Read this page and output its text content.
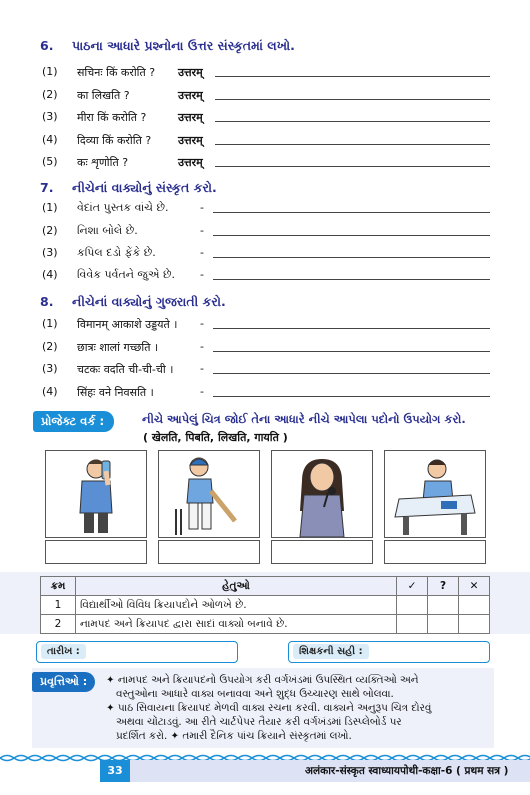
6. પાઠના આધારે પ્રશ્નોના ઉત્તર સંસ્કૃતમાં લખો.
(1) सचिनः किं करोति ? उत्तरम्
(2) का लिखति ?	उत्तरम्
(3) मीरा किं करोति ?	उत्तरम्
(4) दिव्या किं करोति ? उत्तरम्
(5) कः शृणोति ?	उत्तरम्
7. નીચેનાં વાક્યોનું સંસ્કૃત કરો.
(1) વેદાંત પુસ્તક વાંચે છે.	-
(2) નિશા બોલે છે.	-
(3) કપિલ દડો ફેંકે છે.	-
(4) વિવેક પર્વતને જુએ છે. -
8. નીચેનાં વાક્યોનું ગુજરાતી કરો.
(1) विमानम् आकाशे उड्डयते । -
(2) छात्रः शालां गच्छति ।	-
(3) चटकः वदति ची-ची-ची । -
(4) सिंहः वने निवसति ।	-
પ્રોજેક્ટ વર્ક :	નીચે આપેલું ચિત્ર જોઈ તેના આધારે નીચે આપેલા પદોનો ઉપયોગ કરો.
( खेलति, पिबति, लिखति, गायति )
ક્રમ	હેતુઓ	✓	?	✕
1	વિદ્યાર્થીઓ વિવિધ ક્રિયાપદોને ઓળખે છે.			
2	નામપદ અને ક્રિયાપદ દ્વારા સાદાં વાક્યો બનાવે છે.			
તારીખ :	શિક્ષકની સહી :
પ્રવૃત્તિઓ :	✦ નામપદ અને ક્રિયાપદનો ઉપયોગ કરી વર્ગખંડમાં ઉપસ્થિત વ્યક્તિઓ અને
વસ્તુઓના આધારે વાક્ય બનાવવા અને શુદ્ધ ઉચ્ચારણ સાથે બોલવા.
✦ પાઠ સિવાયના ક્રિયાપદ મેળવી વાક્ય રચના કરવી. વાક્યને અનુરૂપ ચિત્ર દોરવું
અથવા ચોંટાડવું. આ રીતે ચાર્ટપેપર તૈયાર કરી વર્ગખંડમાં ડિસ્પ્લેબોર્ડ પર
પ્રદર્શિત કરો. ✦ તમારી દૈનિક પાંચ ક્રિયાને સંસ્કૃતમાં લખો.
33	अलंकार-संस्कृत स्वाध्यायपोथी-कक्षा-6 ( प्रथम सत्र )
